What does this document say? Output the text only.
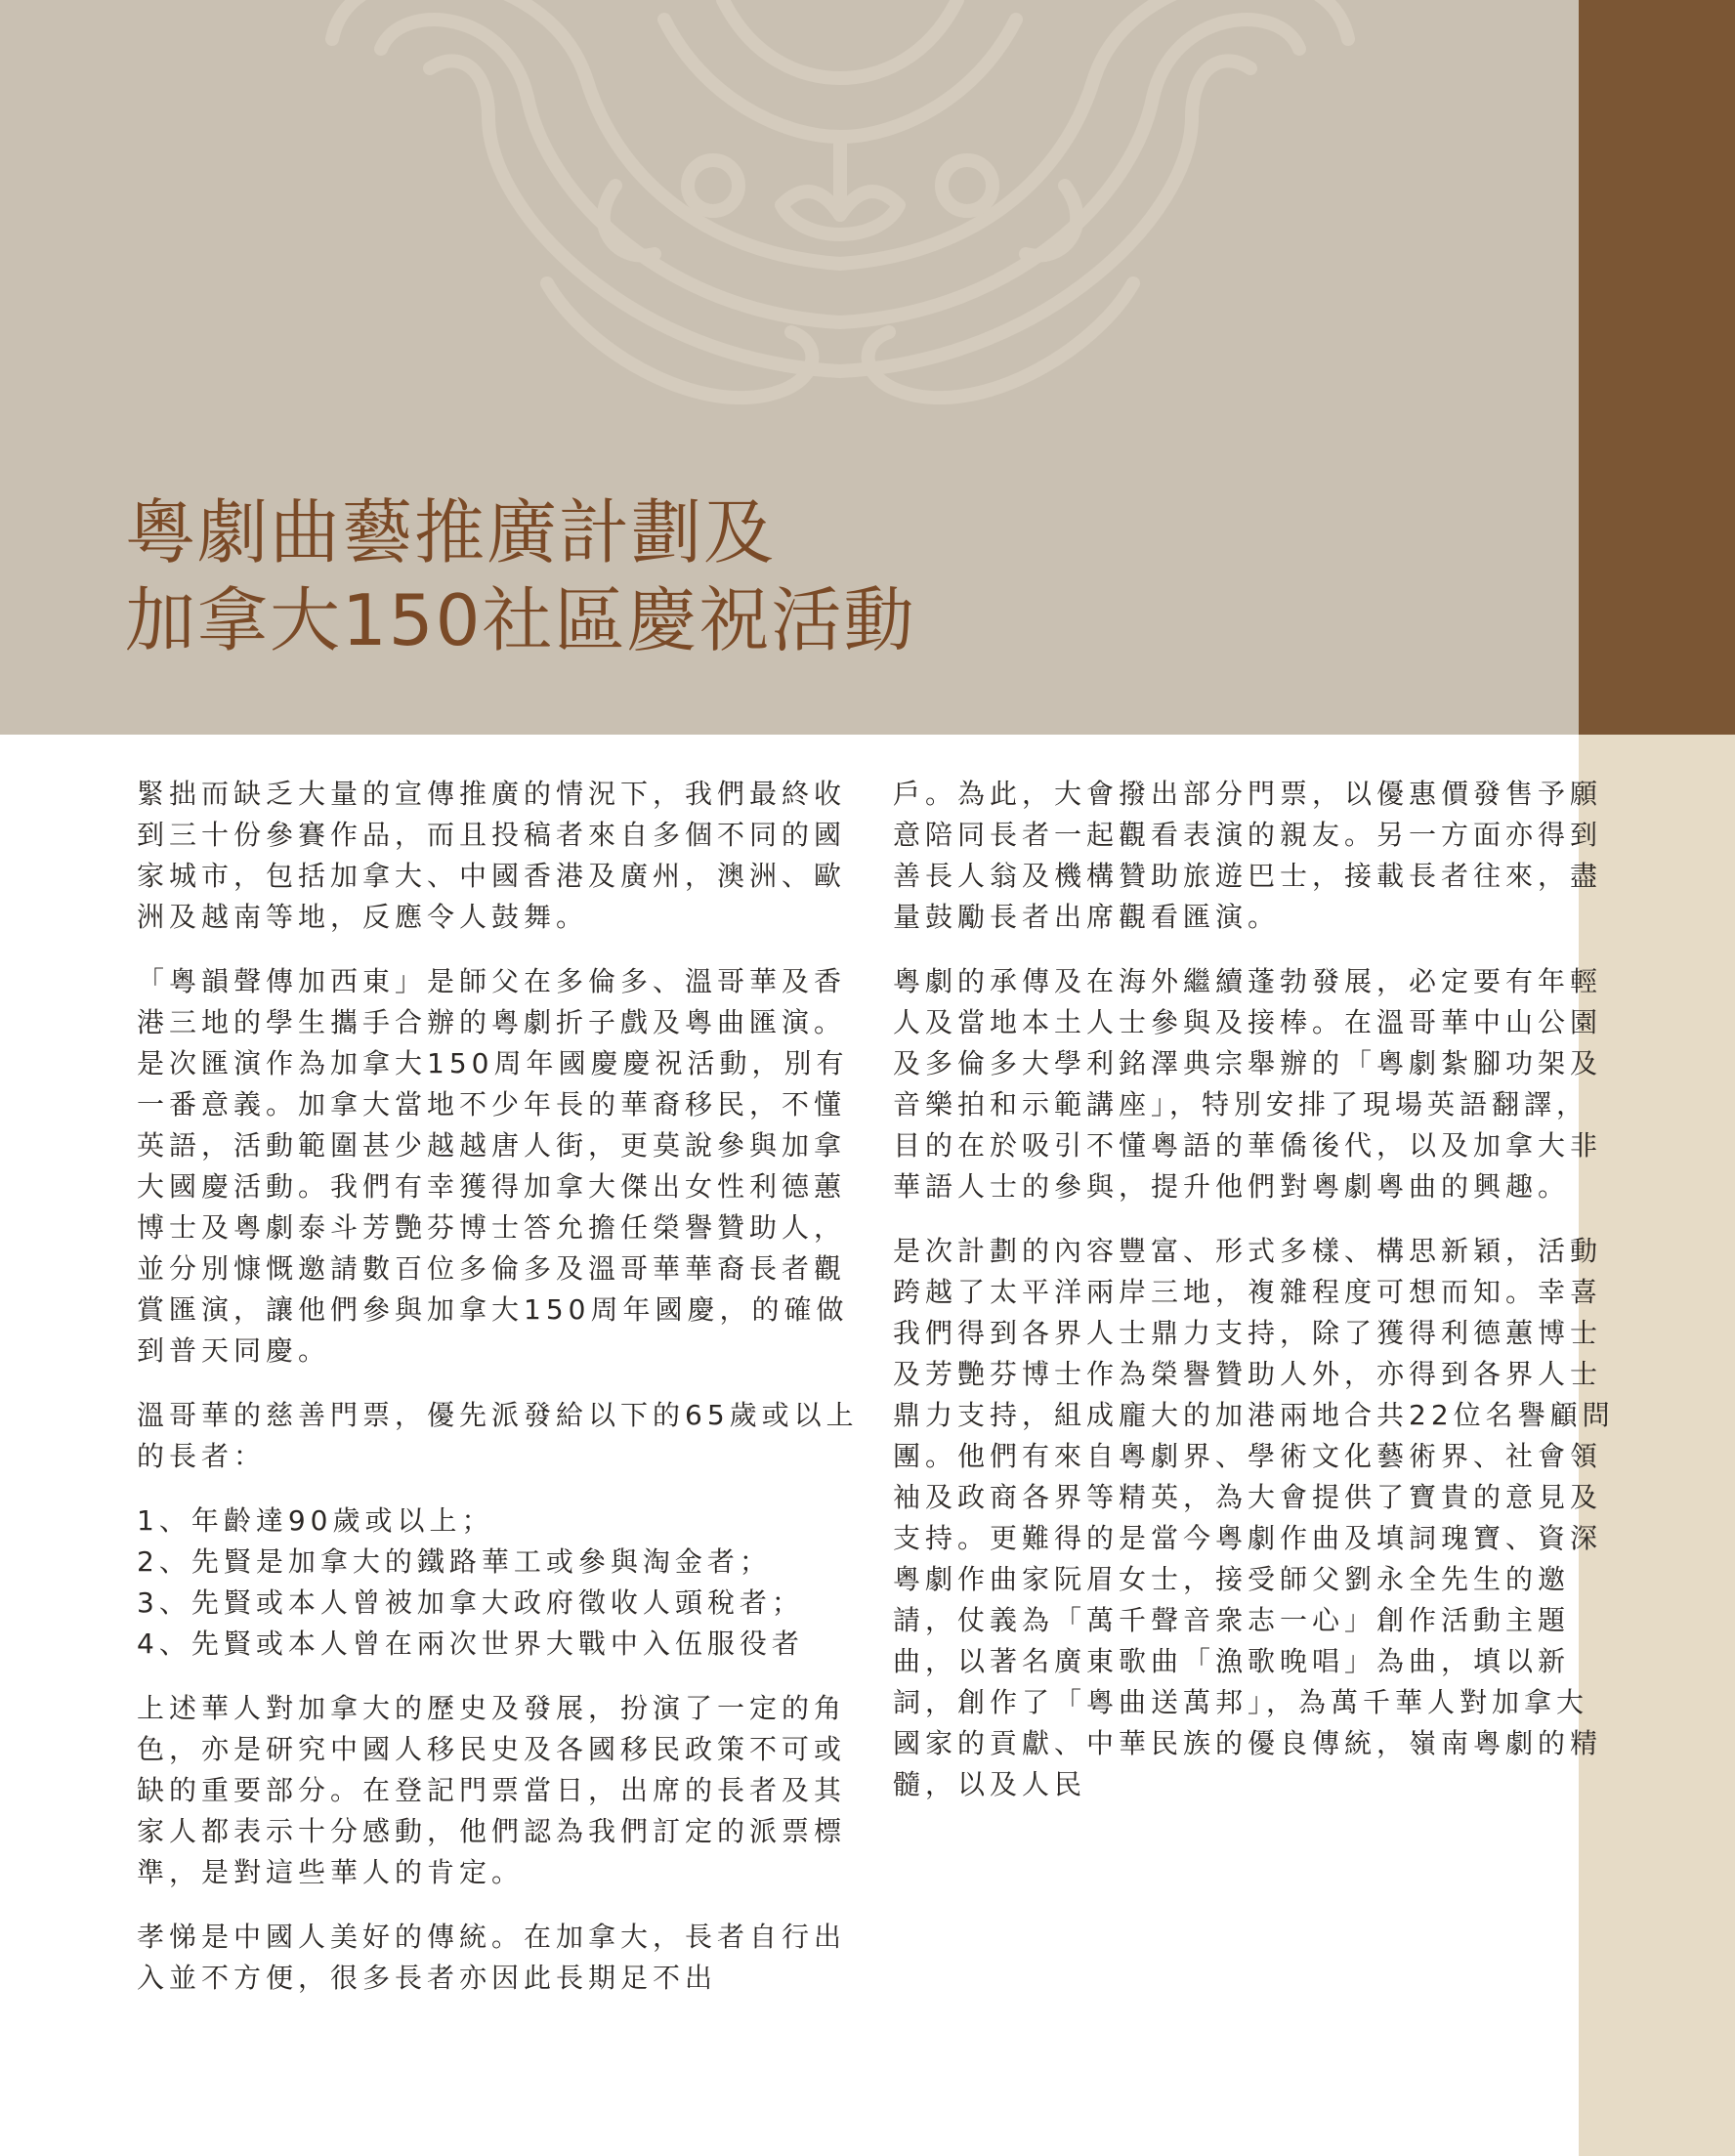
粵劇曲藝推廣計劃及
加拿大150社區慶祝活動

緊拙而缺乏大量的宣傳推廣的情況下，我們最終收到三十份參賽作品，而且投稿者來自多個不同的國家城市，包括加拿大、中國香港及廣州，澳洲、歐洲及越南等地，反應令人鼓舞。

「粵韻聲傳加西東」是師父在多倫多、溫哥華及香港三地的學生攜手合辦的粵劇折子戲及粵曲匯演。是次匯演作為加拿大150周年國慶慶祝活動，別有一番意義。加拿大當地不少年長的華裔移民，不懂英語，活動範圍甚少越越唐人街，更莫說參與加拿大國慶活動。我們有幸獲得加拿大傑出女性利德蕙博士及粵劇泰斗芳艷芬博士答允擔任榮譽贊助人，並分別慷慨邀請數百位多倫多及溫哥華華裔長者觀賞匯演，讓他們參與加拿大150周年國慶，的確做到普天同慶。

溫哥華的慈善門票，優先派發給以下的65歲或以上的長者：

1、年齡達90歲或以上；
2、先賢是加拿大的鐵路華工或參與淘金者；
3、先賢或本人曾被加拿大政府徵收人頭稅者；
4、先賢或本人曾在兩次世界大戰中入伍服役者

上述華人對加拿大的歷史及發展，扮演了一定的角色，亦是研究中國人移民史及各國移民政策不可或缺的重要部分。在登記門票當日，出席的長者及其家人都表示十分感動，他們認為我們訂定的派票標準，是對這些華人的肯定。

孝悌是中國人美好的傳統。在加拿大，長者自行出入並不方便，很多長者亦因此長期足不出

戶。為此，大會撥出部分門票，以優惠價發售予願意陪同長者一起觀看表演的親友。另一方面亦得到善長人翁及機構贊助旅遊巴士，接載長者往來，盡量鼓勵長者出席觀看匯演。

粵劇的承傳及在海外繼續蓬勃發展，必定要有年輕人及當地本土人士參與及接棒。在溫哥華中山公園及多倫多大學利銘澤典宗舉辦的「粵劇紮腳功架及音樂拍和示範講座」，特別安排了現場英語翻譯，目的在於吸引不懂粵語的華僑後代，以及加拿大非華語人士的參與，提升他們對粵劇粵曲的興趣。

是次計劃的內容豐富、形式多樣、構思新穎，活動跨越了太平洋兩岸三地，複雜程度可想而知。幸喜我們得到各界人士鼎力支持，除了獲得利德蕙博士及芳艷芬博士作為榮譽贊助人外，亦得到各界人士鼎力支持，組成龐大的加港兩地合共22位名譽顧問團。他們有來自粵劇界、學術文化藝術界、社會領袖及政商各界等精英，為大會提供了寶貴的意見及支持。更難得的是當今粵劇作曲及填詞瑰寶、資深粵劇作曲家阮眉女士，接受師父劉永全先生的邀請，仗義為「萬千聲音衆志一心」創作活動主題曲，以著名廣東歌曲「漁歌晚唱」為曲，填以新詞，創作了「粵曲送萬邦」，為萬千華人對加拿大國家的貢獻、中華民族的優良傳統，嶺南粵劇的精髓，以及人民
